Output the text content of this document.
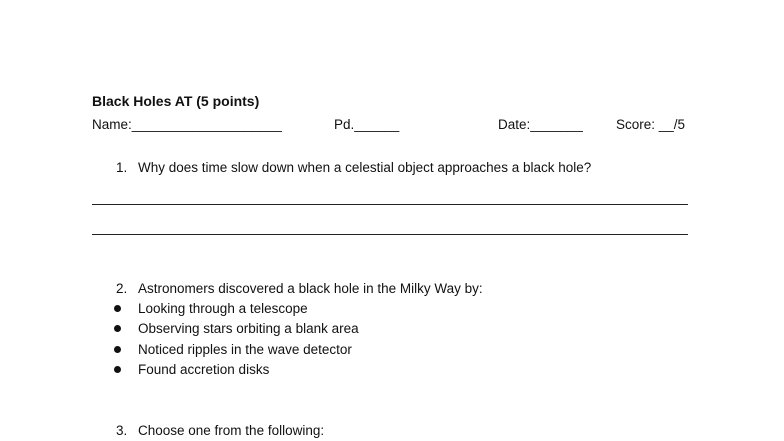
Black Holes AT (5 points)
Name:____________________	Pd.______	Date:_______ Score: __/5
1. Why does time slow down when a celestial object approaches a black hole?
2. Astronomers discovered a black hole in the Milky Way by:
Looking through a telescope
Observing stars orbiting a blank area
Noticed ripples in the wave detector
Found accretion disks
3. Choose one from the following:
